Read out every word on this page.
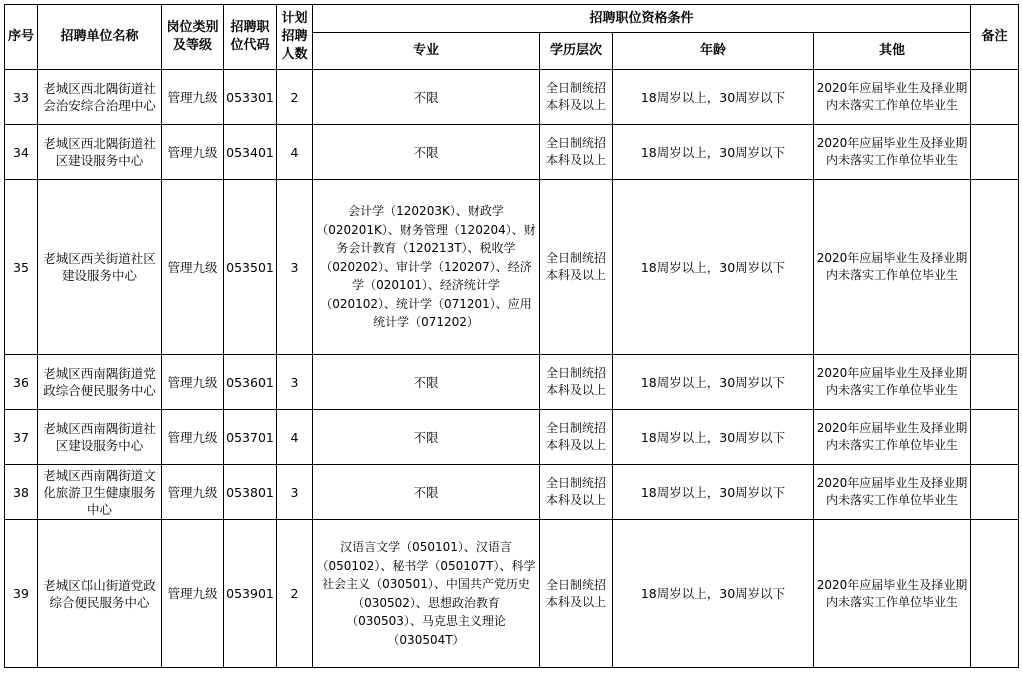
序号	招聘单位名称	岗位类别及等级	招聘职位代码	计划招聘人数	招聘职位资格条件				备注
					专业	学历层次	年龄	其他	
33	老城区西北隅街道社会治安综合治理中心	管理九级	053301	2	不限	全日制统招本科及以上	18周岁以上，30周岁以下	2020年应届毕业生及择业期内未落实工作单位毕业生	
34	老城区西北隅街道社区建设服务中心	管理九级	053401	4	不限	全日制统招本科及以上	18周岁以上，30周岁以下	2020年应届毕业生及择业期内未落实工作单位毕业生	
35	老城区西关街道社区建设服务中心	管理九级	053501	3	会计学（120203K）、财政学（020201K）、财务管理（120204）、财务会计教育（120213T）、税收学（020202）、审计学（120207）、经济学（020101）、经济统计学（020102）、统计学（071201）、应用统计学（071202）	全日制统招本科及以上	18周岁以上，30周岁以下	2020年应届毕业生及择业期内未落实工作单位毕业生	
36	老城区西南隅街道党政综合便民服务中心	管理九级	053601	3	不限	全日制统招本科及以上	18周岁以上，30周岁以下	2020年应届毕业生及择业期内未落实工作单位毕业生	
37	老城区西南隅街道社区建设服务中心	管理九级	053701	4	不限	全日制统招本科及以上	18周岁以上，30周岁以下	2020年应届毕业生及择业期内未落实工作单位毕业生	
38	老城区西南隅街道文化旅游卫生健康服务中心	管理九级	053801	3	不限	全日制统招本科及以上	18周岁以上，30周岁以下	2020年应届毕业生及择业期内未落实工作单位毕业生	
39	老城区邙山街道党政综合便民服务中心	管理九级	053901	2	汉语言文学（050101）、汉语言（050102）、秘书学（050107T）、科学社会主义（030501）、中国共产党历史（030502）、思想政治教育（030503）、马克思主义理论（030504T）	全日制统招本科及以上	18周岁以上，30周岁以下	2020年应届毕业生及择业期内未落实工作单位毕业生	
